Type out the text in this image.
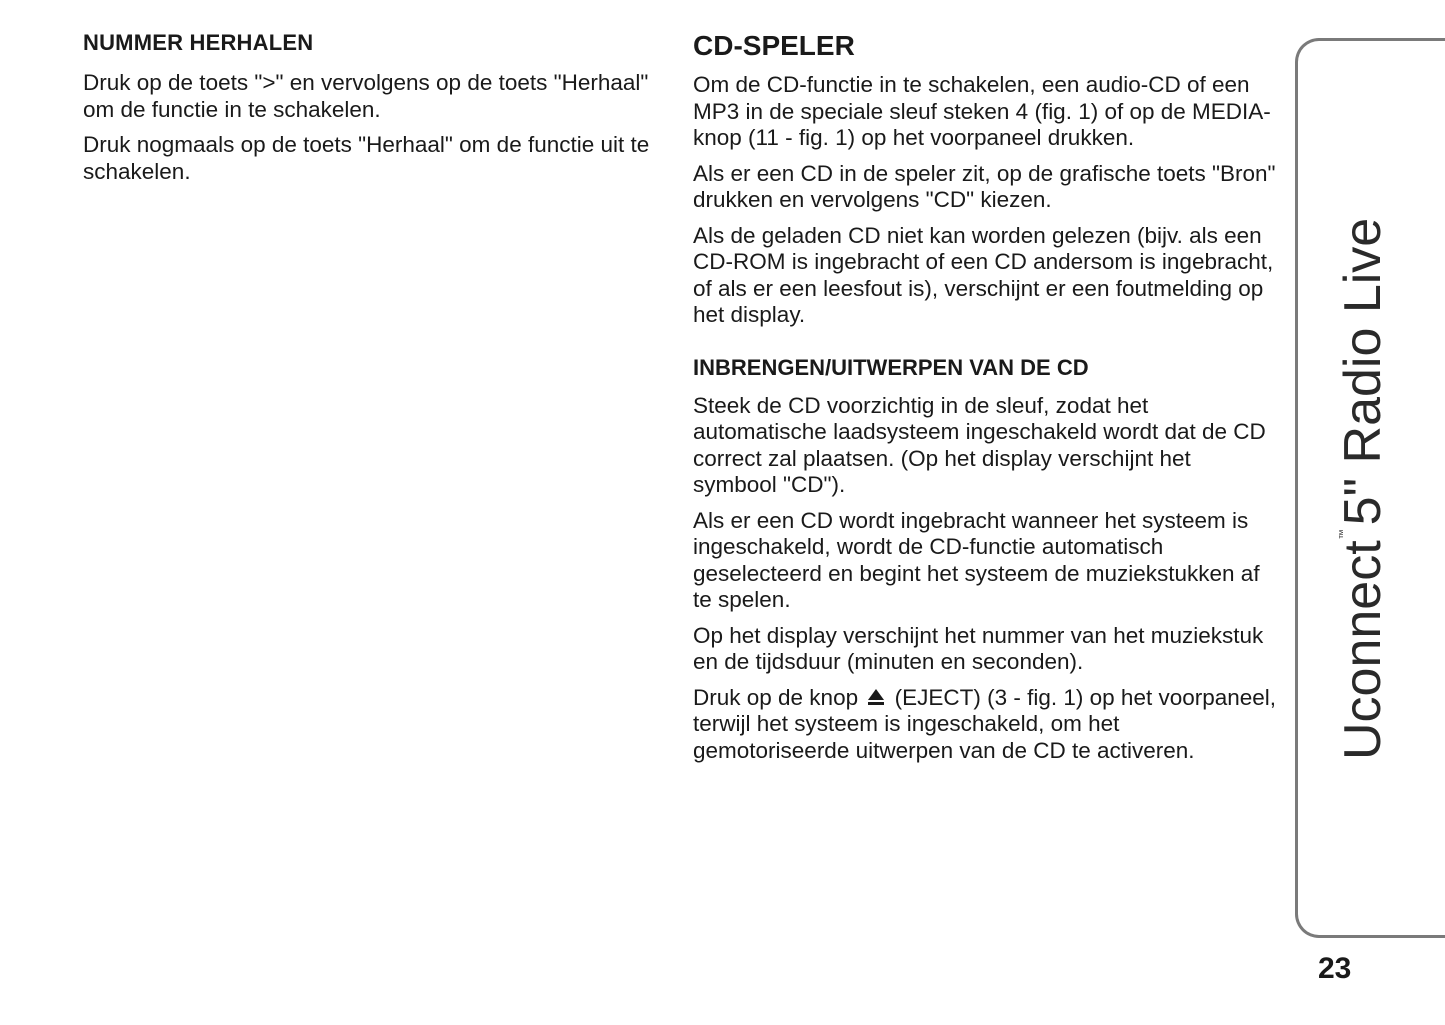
NUMMER HERHALEN

Druk op de toets ">" en vervolgens op de toets "Herhaal" om de functie in te schakelen.

Druk nogmaals op de toets "Herhaal" om de functie uit te schakelen.

CD-SPELER

Om de CD-functie in te schakelen, een audio-CD of een MP3 in de speciale sleuf steken 4 (fig. 1) of op de MEDIA-knop (11 - fig. 1) op het voorpaneel drukken.

Als er een CD in de speler zit, op de grafische toets "Bron" drukken en vervolgens "CD" kiezen.

Als de geladen CD niet kan worden gelezen (bijv. als een CD-ROM is ingebracht of een CD andersom is ingebracht, of als er een leesfout is), verschijnt er een foutmelding op het display.

INBRENGEN/UITWERPEN VAN DE CD

Steek de CD voorzichtig in de sleuf, zodat het automatische laadsysteem ingeschakeld wordt dat de CD correct zal plaatsen. (Op het display verschijnt het symbool "CD").

Als er een CD wordt ingebracht wanneer het systeem is ingeschakeld, wordt de CD-functie automatisch geselecteerd en begint het systeem de muziekstukken af te spelen.

Op het display verschijnt het nummer van het muziekstuk en de tijdsduur (minuten en seconden).

Druk op de knop (EJECT) (3 - fig. 1) op het voorpaneel, terwijl het systeem is ingeschakeld, om het gemotoriseerde uitwerpen van de CD te activeren.	Uconnect™5" Radio Live
23
